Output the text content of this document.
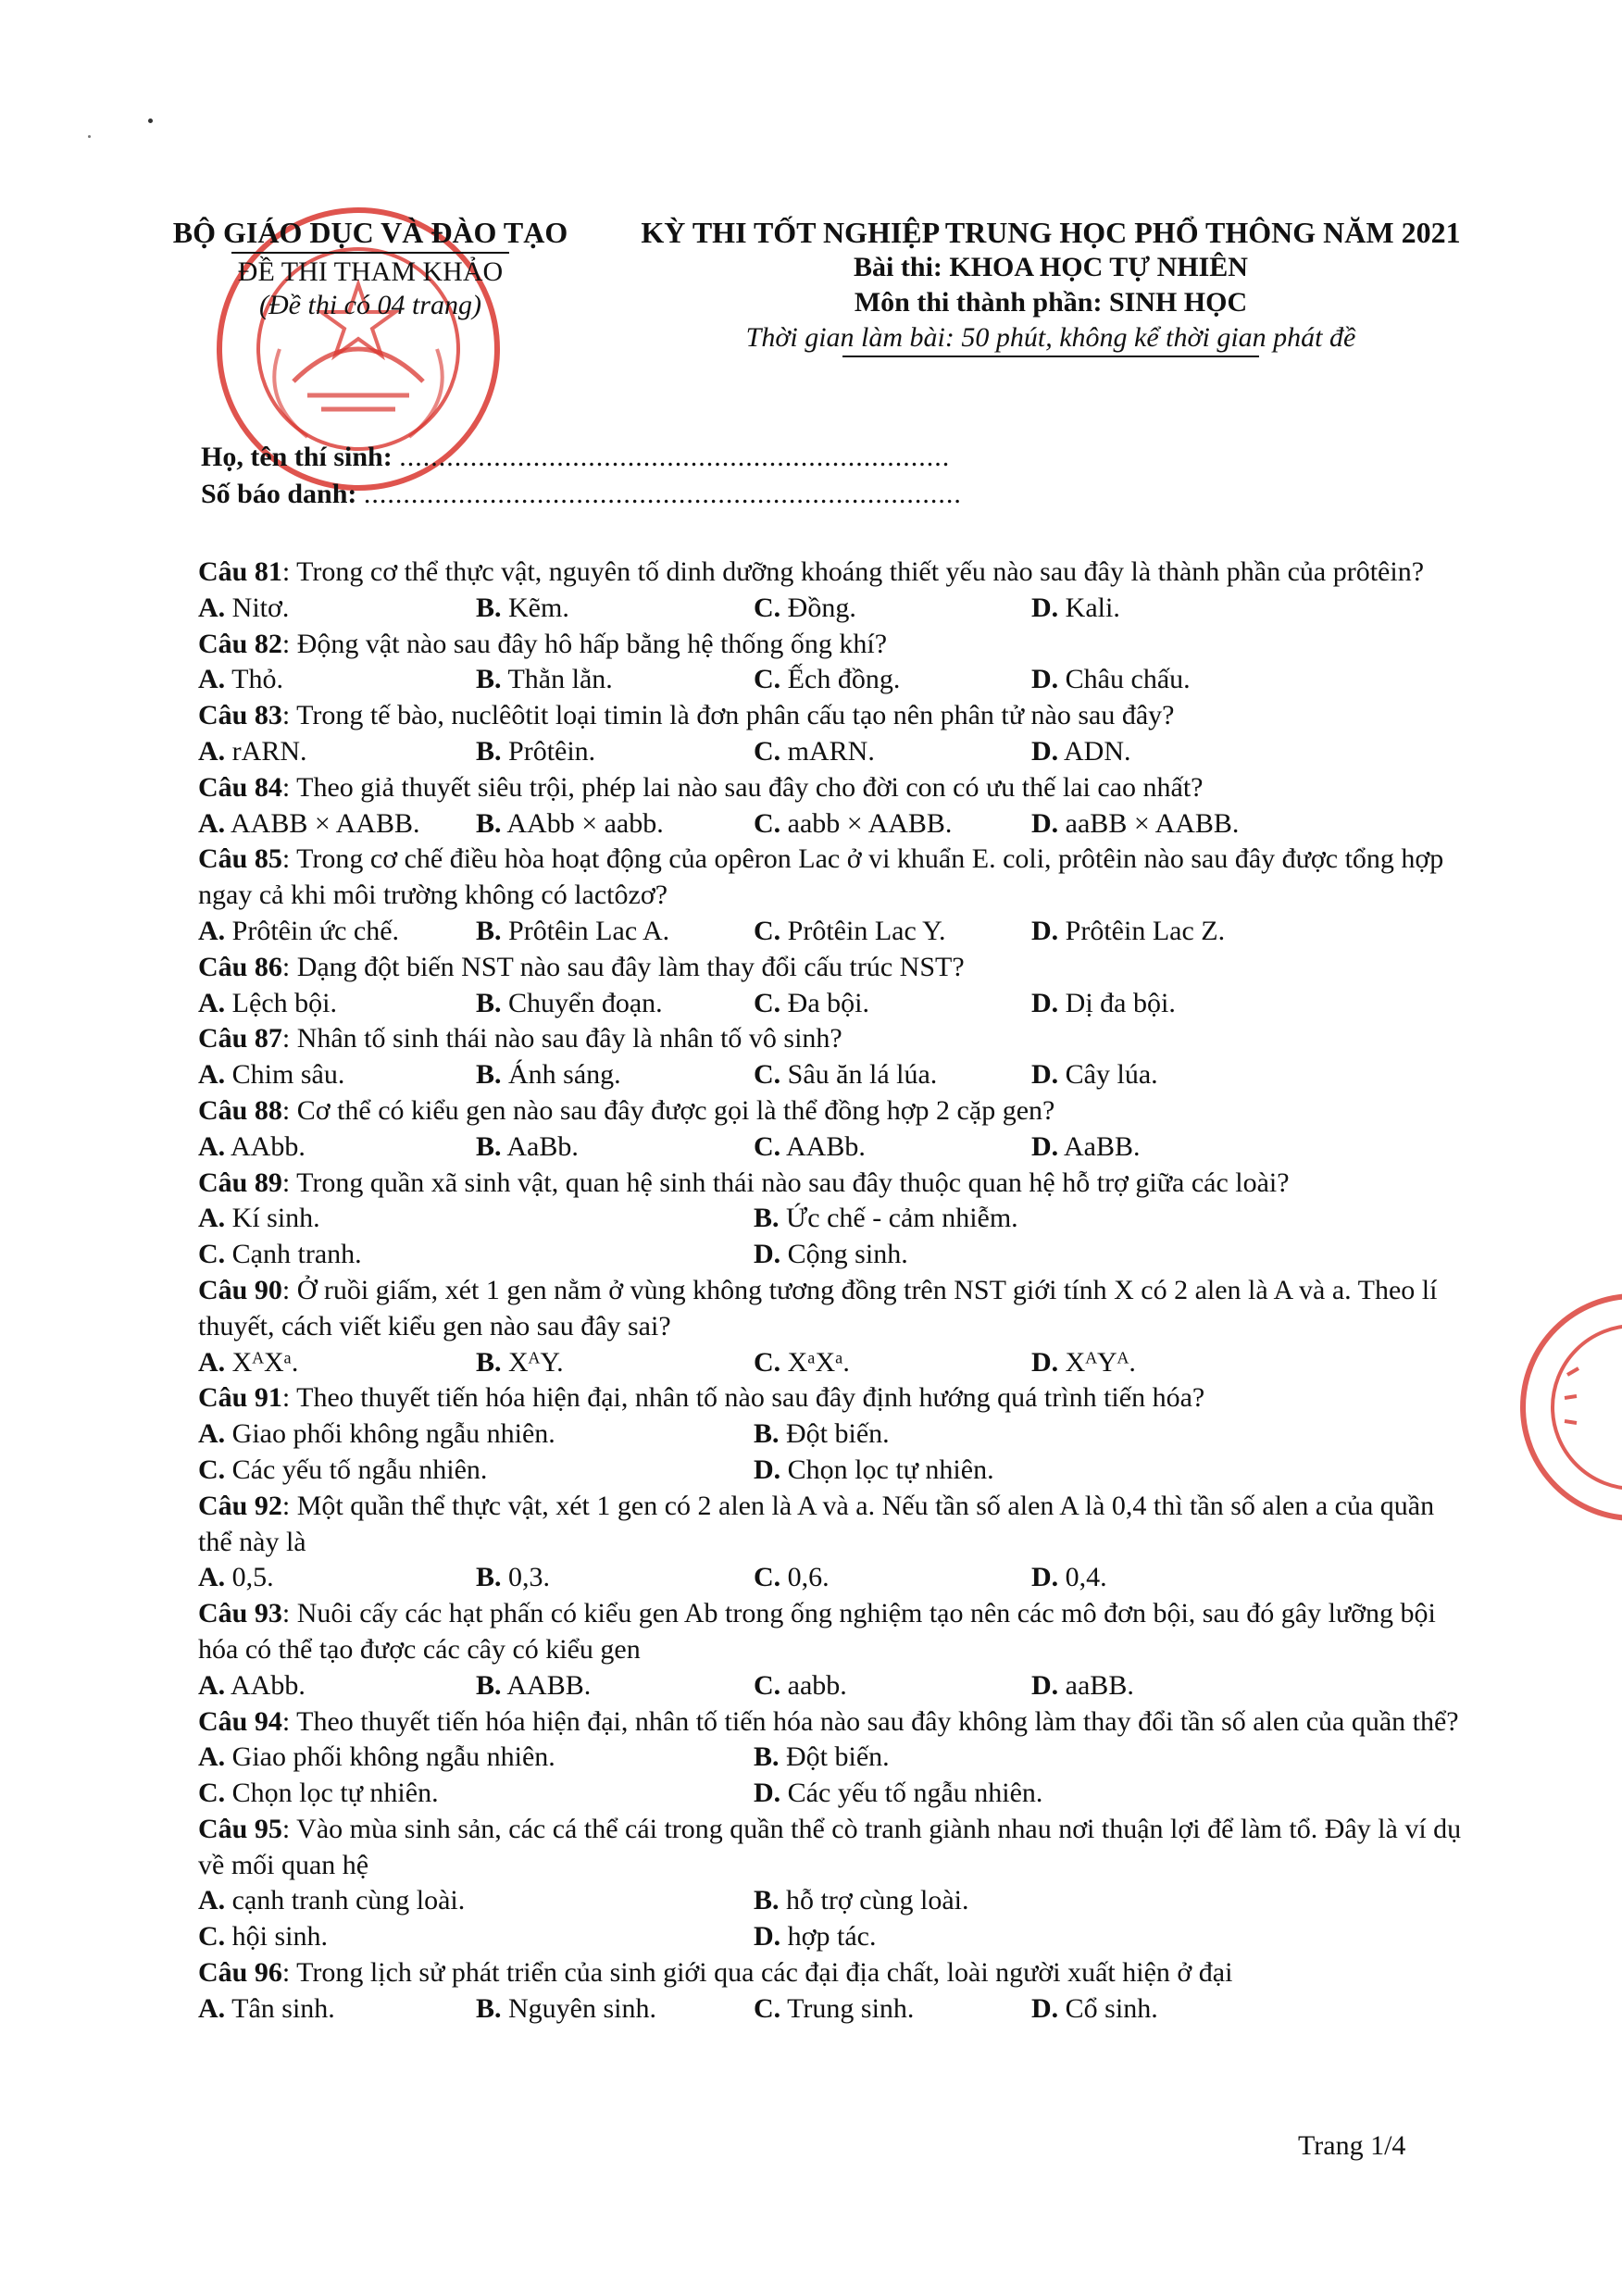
BỘ GIÁO DỤC VÀ ĐÀO TẠO
ĐỀ THI THAM KHẢO
(Đề thi có 04 trang)
KỲ THI TỐT NGHIỆP TRUNG HỌC PHỔ THÔNG NĂM 2021
Bài thi: KHOA HỌC TỰ NHIÊN
Môn thi thành phần: SINH HỌC
Thời gian làm bài: 50 phút, không kể thời gian phát đề
Họ, tên thí sinh: ......................................................................
Số báo danh: ............................................................................

Câu 81: Trong cơ thể thực vật, nguyên tố dinh dưỡng khoáng thiết yếu nào sau đây là thành phần của prôtêin?

A. Nitơ.	B. Kẽm.	C. Đồng.	D. Kali.

Câu 82: Động vật nào sau đây hô hấp bằng hệ thống ống khí?

A. Thỏ.	B. Thằn lằn.	C. Ếch đồng.	D. Châu chấu.

Câu 83: Trong tế bào, nuclêôtit loại timin là đơn phân cấu tạo nên phân tử nào sau đây?

A. rARN.	B. Prôtêin.	C. mARN.	D. ADN.

Câu 84: Theo giả thuyết siêu trội, phép lai nào sau đây cho đời con có ưu thế lai cao nhất?

A. AABB × AABB.	B. AAbb × aabb.	C. aabb × AABB.	D. aaBB × AABB.

Câu 85: Trong cơ chế điều hòa hoạt động của opêron Lac ở vi khuẩn E. coli, prôtêin nào sau đây được tổng hợp ngay cả khi môi trường không có lactôzơ?

A. Prôtêin ức chế.	B. Prôtêin Lac A.	C. Prôtêin Lac Y.	D. Prôtêin Lac Z.

Câu 86: Dạng đột biến NST nào sau đây làm thay đổi cấu trúc NST?

A. Lệch bội.	B. Chuyển đoạn.	C. Đa bội.	D. Dị đa bội.

Câu 87: Nhân tố sinh thái nào sau đây là nhân tố vô sinh?

A. Chim sâu.	B. Ánh sáng.	C. Sâu ăn lá lúa.	D. Cây lúa.

Câu 88: Cơ thể có kiểu gen nào sau đây được gọi là thể đồng hợp 2 cặp gen?

A. AAbb.	B. AaBb.	C. AABb.	D. AaBB.

Câu 89: Trong quần xã sinh vật, quan hệ sinh thái nào sau đây thuộc quan hệ hỗ trợ giữa các loài?

A. Kí sinh.	B. Ức chế - cảm nhiễm.
C. Cạnh tranh.	D. Cộng sinh.

Câu 90: Ở ruồi giấm, xét 1 gen nằm ở vùng không tương đồng trên NST giới tính X có 2 alen là A và a. Theo lí thuyết, cách viết kiểu gen nào sau đây sai?

A. XᴬXᵃ.	B. XᴬY.	C. XᵃXᵃ.	D. XᴬYᴬ.

Câu 91: Theo thuyết tiến hóa hiện đại, nhân tố nào sau đây định hướng quá trình tiến hóa?

A. Giao phối không ngẫu nhiên.	B. Đột biến.
C. Các yếu tố ngẫu nhiên.	D. Chọn lọc tự nhiên.

Câu 92: Một quần thể thực vật, xét 1 gen có 2 alen là A và a. Nếu tần số alen A là 0,4 thì tần số alen a của quần thể này là

A. 0,5.	B. 0,3.	C. 0,6.	D. 0,4.

Câu 93: Nuôi cấy các hạt phấn có kiểu gen Ab trong ống nghiệm tạo nên các mô đơn bội, sau đó gây lưỡng bội hóa có thể tạo được các cây có kiểu gen

A. AAbb.	B. AABB.	C. aabb.	D. aaBB.

Câu 94: Theo thuyết tiến hóa hiện đại, nhân tố tiến hóa nào sau đây không làm thay đổi tần số alen của quần thể?

A. Giao phối không ngẫu nhiên.	B. Đột biến.
C. Chọn lọc tự nhiên.	D. Các yếu tố ngẫu nhiên.

Câu 95: Vào mùa sinh sản, các cá thể cái trong quần thể cò tranh giành nhau nơi thuận lợi để làm tổ. Đây là ví dụ về mối quan hệ

A. cạnh tranh cùng loài.	B. hỗ trợ cùng loài.
C. hội sinh.	D. hợp tác.

Câu 96: Trong lịch sử phát triển của sinh giới qua các đại địa chất, loài người xuất hiện ở đại

A. Tân sinh.	B. Nguyên sinh.	C. Trung sinh.	D. Cổ sinh.
Trang 1/4
